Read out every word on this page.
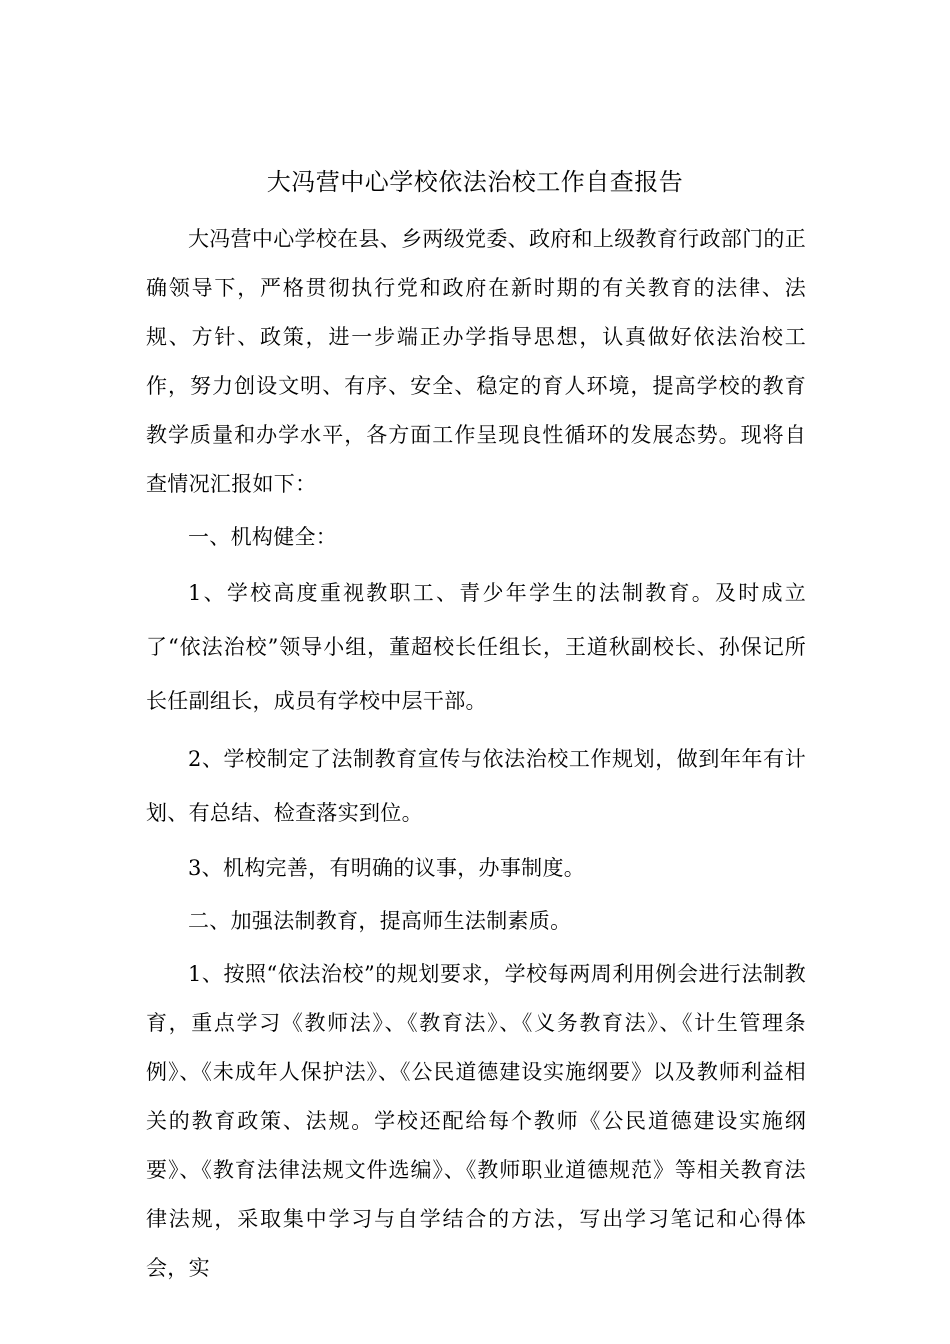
大冯营中心学校依法治校工作自查报告

大冯营中心学校在县、乡两级党委、政府和上级教育行政部门的正确领导下，严格贯彻执行党和政府在新时期的有关教育的法律、法规、方针、政策，进一步端正办学指导思想，认真做好依法治校工作，努力创设文明、有序、安全、稳定的育人环境，提高学校的教育教学质量和办学水平，各方面工作呈现良性循环的发展态势。现将自查情况汇报如下：

一、机构健全：

1、学校高度重视教职工、青少年学生的法制教育。及时成立了“依法治校”领导小组，董超校长任组长，王道秋副校长、孙保记所长任副组长，成员有学校中层干部。

2、学校制定了法制教育宣传与依法治校工作规划，做到年年有计划、有总结、检查落实到位。

3、机构完善，有明确的议事，办事制度。

二、加强法制教育，提高师生法制素质。

1、按照“依法治校”的规划要求，学校每两周利用例会进行法制教育，重点学习《教师法》、《教育法》、《义务教育法》、《计生管理条例》、《未成年人保护法》、《公民道德建设实施纲要》以及教师利益相关的教育政策、法规。学校还配给每个教师《公民道德建设实施纲要》、《教育法律法规文件选编》、《教师职业道德规范》等相关教育法律法规，采取集中学习与自学结合的方法，写出学习笔记和心得体会，实
